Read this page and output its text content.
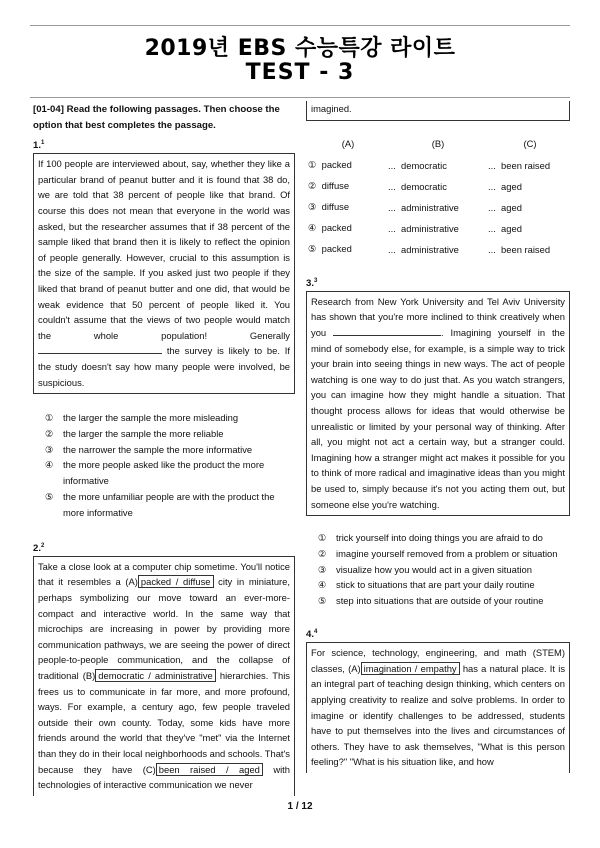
2019년 EBS 수능특강 라이트
TEST - 3
[01-04] Read the following passages. Then choose the option that best completes the passage.
1.$^1$
If 100 people are interviewed about, say, whether they like a particular brand of peanut butter and it is found that 38 do, we are told that 38 percent of people like that brand. Of course this does not mean that everyone in the world was asked, but the researcher assumes that if 38 percent of the sample liked that brand then it is likely to reflect the opinion of people generally. However, crucial to this assumption is the size of the sample. If you asked just two people if they liked that brand of peanut butter and one did, that would be weak evidence that 50 percent of people liked it. You couldn't assume that the views of two people would match the whole population! Generally  the survey is likely to be. If the study doesn't say how many people were involved, be suspicious.
①	the larger the sample the more misleading
②	the larger the sample the more reliable
③	the narrower the sample the more informative
④	the more people asked like the product the more informative
⑤	the more unfamiliar people are with the product the more informative
2.$^2$
Take a close look at a computer chip sometime. You'll notice that it resembles a (A) packed / diffuse city in miniature, perhaps symbolizing our move toward an ever-more-compact and interactive world. In the same way that microchips are increasing in power by providing more communication pathways, we are seeing the power of direct people-to-people communication, and the collapse of traditional (B) democratic / administrative hierarchies. This frees us to communicate in far more, and more profound, ways. For example, a century ago, few people traveled outside their own county. Today, some kids have more friends around the world that they've "met" via the Internet than they do in their local neighborhoods and schools. That's because they have (C) been raised / aged with technologies of interactive communication we never
imagined.
(A)	(B)	(C)
① packed	... democratic	... been raised
② diffuse	... democratic	... aged
③ diffuse	... administrative	... aged
④ packed	... administrative	... aged
⑤ packed	... administrative	... been raised
3.$^3$
Research from New York University and Tel Aviv University has shown that you're more inclined to think creatively when you	. Imagining yourself in the mind of somebody else, for example, is a simple way to trick your brain into seeing things in new ways. The act of people watching is one way to do just that. As you watch strangers, you can imagine how they might handle a situation. That thought process allows for ideas that would otherwise be unrealistic or limited by your personal way of thinking. After all, you might not act a certain way, but a stranger could. Imagining how a stranger might act makes it possible for you to think of more radical and imaginative ideas than you might be used to, simply because it's not you acting them out, but someone else you're watching.
①	trick yourself into doing things you are afraid to do
②	imagine yourself removed from a problem or situation
③	visualize how you would act in a given situation
④	stick to situations that are part your daily routine
⑤	step into situations that are outside of your routine
4.$^4$
For science, technology, engineering, and math (STEM) classes, (A) imagination / empathy has a natural place. It is an integral part of teaching design thinking, which centers on applying creativity to realize and solve problems. In order to imagine or identify challenges to be addressed, students have to put themselves into the lives and circumstances of others. They have to ask themselves, "What is this person feeling?" "What is his situation like, and how
1 / 12
